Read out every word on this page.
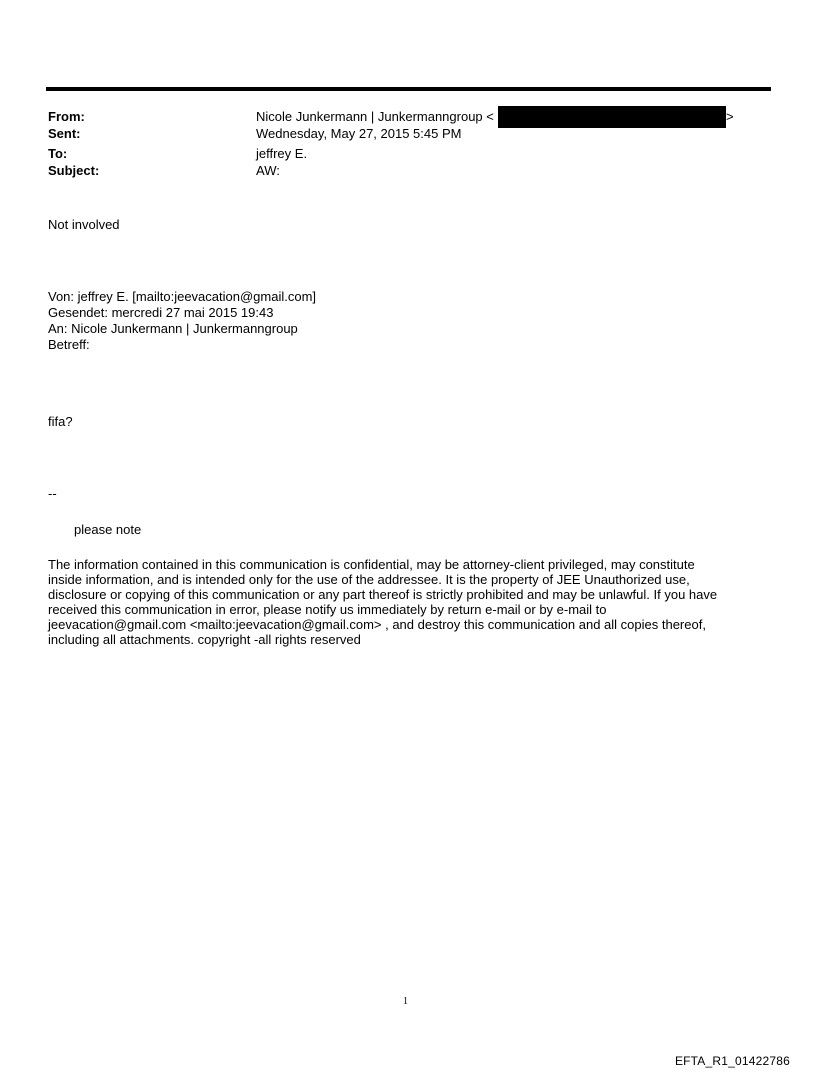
From:	Nicole Junkermann | Junkermanngroup <	>
Sent:	Wednesday, May 27, 2015 5:45 PM
To:	jeffrey E.
Subject:	AW:
Not involved
Von: jeffrey E. [mailto:jeevacation@gmail.com]
Gesendet: mercredi 27 mai 2015 19:43
An: Nicole Junkermann | Junkermanngroup
Betreff:
fifa?
--
please note
The information contained in this communication is confidential, may be attorney-client privileged, may constitute
inside information, and is intended only for the use of the addressee. It is the property of JEE Unauthorized use,
disclosure or copying of this communication or any part thereof is strictly prohibited and may be unlawful. If you have
received this communication in error, please notify us immediately by return e-mail or by e-mail to
jeevacation@gmail.com <mailto:jeevacation@gmail.com> , and destroy this communication and all copies thereof,
including all attachments. copyright -all rights reserved
1
EFTA_R1_01422786
